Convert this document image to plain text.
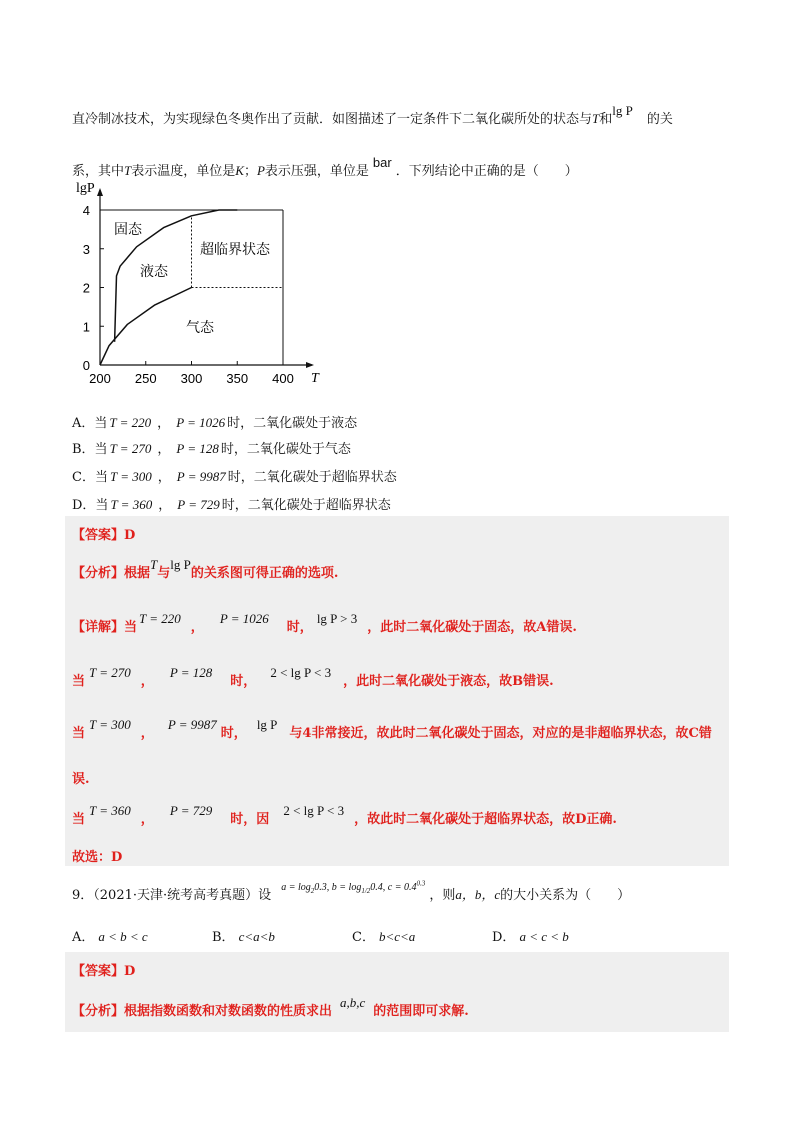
直冷制冰技术，为实现绿色冬奥作出了贡献．如图描述了一定条件下二氧化碳所处的状态与T和lg P的关
系，其中T表示温度，单位是K；P表示压强，单位是bar．下列结论中正确的是（　　）
200 250 300 350 400
0
1
2
3
4
lgP
T
固态
液态
超临界状态
气态
A．当 T = 220 ， P = 1026 时，二氧化碳处于液态
B．当 T = 270 ， P = 128 时，二氧化碳处于气态
C．当 T = 300 ， P = 9987 时，二氧化碳处于超临界状态
D．当 T = 360 ， P = 729 时，二氧化碳处于超临界状态
【答案】D
【分析】根据T与lg P的关系图可得正确的选项.
【详解】当T = 220，P = 1026时，lg P > 3，此时二氧化碳处于固态，故A错误.
当T = 270，P = 128时，2 < lg P < 3，此时二氧化碳处于液态，故B错误.
当T = 300，P = 9987时，lg P与4非常接近，故此时二氧化碳处于固态，对应的是非超临界状态，故C错
误.
当T = 360，P = 729时，因2 < lg P < 3，故此时二氧化碳处于超临界状态，故D正确.
故选：D
9．（2021·天津·统考高考真题）设 $^{a = log_20.3, b = log_{1/2}0.4, c = 0.4^{0.3}}$ ，则a，b，c的大小关系为（　　）
A． a < b < c	B． c<a<b	C． b<c<a	D． a < c < b
【答案】D
【分析】根据指数函数和对数函数的性质求出a,b,c的范围即可求解.
